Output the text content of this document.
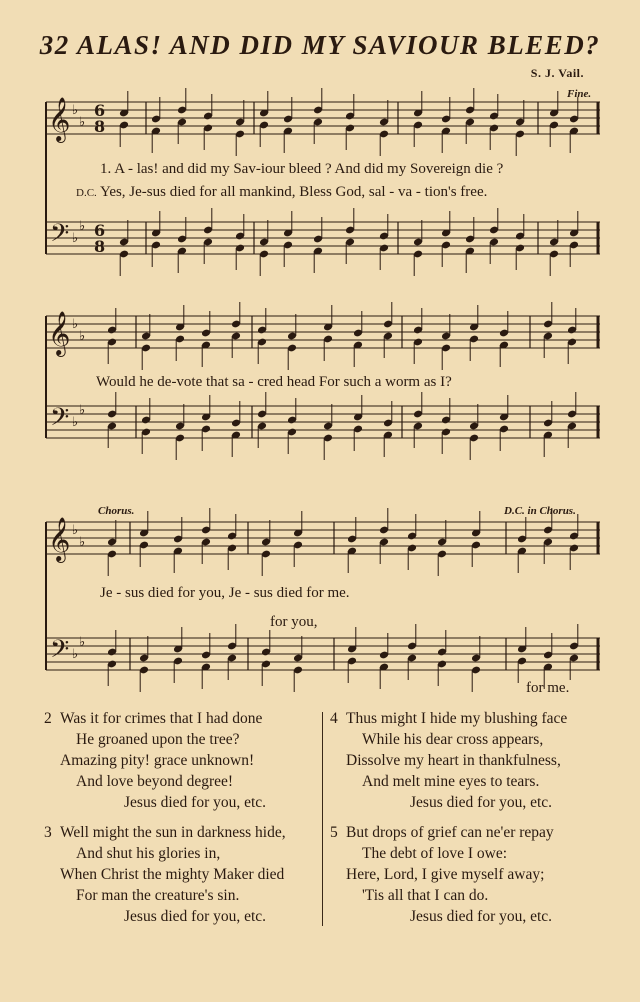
32 ALAS! AND DID MY SAVIOUR BLEED?
S. J. Vail.
𝄞
𝄢
♭
♭
♭
♭
6
8
6
8
𝄞
𝄢
♭
♭
♭
♭
𝄞
𝄢
♭
♭
♭
♭
Fine.
Chorus.	D.C. in Chorus.
1. A - las! and did my Sav-iour bleed ? And did my Sovereign die ?
D.C. Yes, Je-sus died for all mankind, Bless God, sal - va - tion's free.
Would he de-vote that sa - cred head For such a worm as I?
Je - sus died for you, Je - sus died for me.
for you,
for me.
2 Was it for crimes that I had done
He groaned upon the tree?
Amazing pity! grace unknown!
And love beyond degree!
Jesus died for you, etc.
3 Well might the sun in darkness hide,
And shut his glories in,
When Christ the mighty Maker died
For man the creature's sin.
Jesus died for you, etc.
4 Thus might I hide my blushing face
While his dear cross appears,
Dissolve my heart in thankfulness,
And melt mine eyes to tears.
Jesus died for you, etc.
5 But drops of grief can ne'er repay
The debt of love I owe:
Here, Lord, I give myself away;
'Tis all that I can do.
Jesus died for you, etc.
